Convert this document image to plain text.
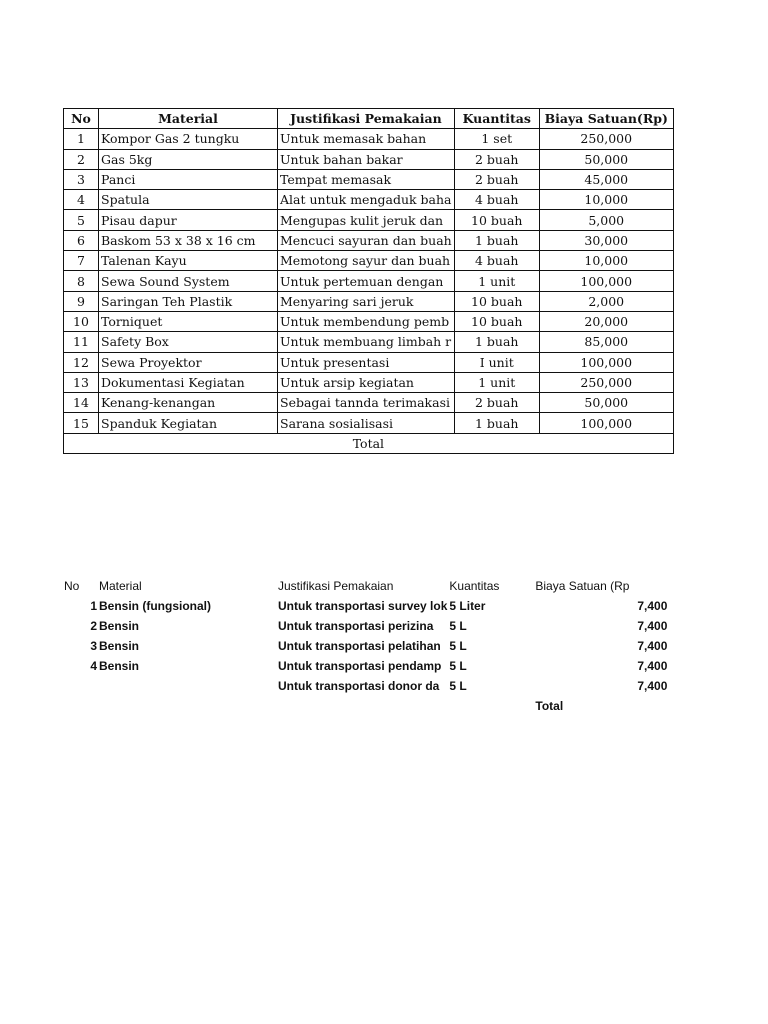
No	Material	Justifikasi Pemakaian	Kuantitas	Biaya Satuan(Rp)
1	Kompor Gas 2 tungku	Untuk memasak bahan	1 set	250,000
2	Gas 5kg	Untuk bahan bakar	2 buah	50,000
3	Panci	Tempat memasak	2 buah	45,000
4	Spatula	Alat untuk mengaduk baha	4 buah	10,000
5	Pisau dapur	Mengupas kulit jeruk dan	10 buah	5,000
6	Baskom 53 x 38 x 16 cm	Mencuci sayuran dan buah	1 buah	30,000
7	Talenan Kayu	Memotong sayur dan buah	4 buah	10,000
8	Sewa Sound System	Untuk pertemuan dengan	1 unit	100,000
9	Saringan Teh Plastik	Menyaring sari jeruk	10 buah	2,000
10	Torniquet	Untuk membendung pemb	10 buah	20,000
11	Safety Box	Untuk membuang limbah r	1 buah	85,000
12	Sewa Proyektor	Untuk presentasi	I unit	100,000
13	Dokumentasi Kegiatan	Untuk arsip kegiatan	1 unit	250,000
14	Kenang-kenangan	Sebagai tannda terimakasi	2 buah	50,000
15	Spanduk Kegiatan	Sarana sosialisasi	1 buah	100,000
Total				
No	Material	Justifikasi Pemakaian	Kuantitas	Biaya Satuan (Rp
1	Bensin (fungsional)	Untuk transportasi survey lok	5 Liter	7,400
2	Bensin	Untuk transportasi perizina	5 L	7,400
3	Bensin	Untuk transportasi pelatihan	5 L	7,400
4	Bensin	Untuk transportasi pendamp	5 L	7,400
		Untuk transportasi donor da	5 L	7,400
				Total
